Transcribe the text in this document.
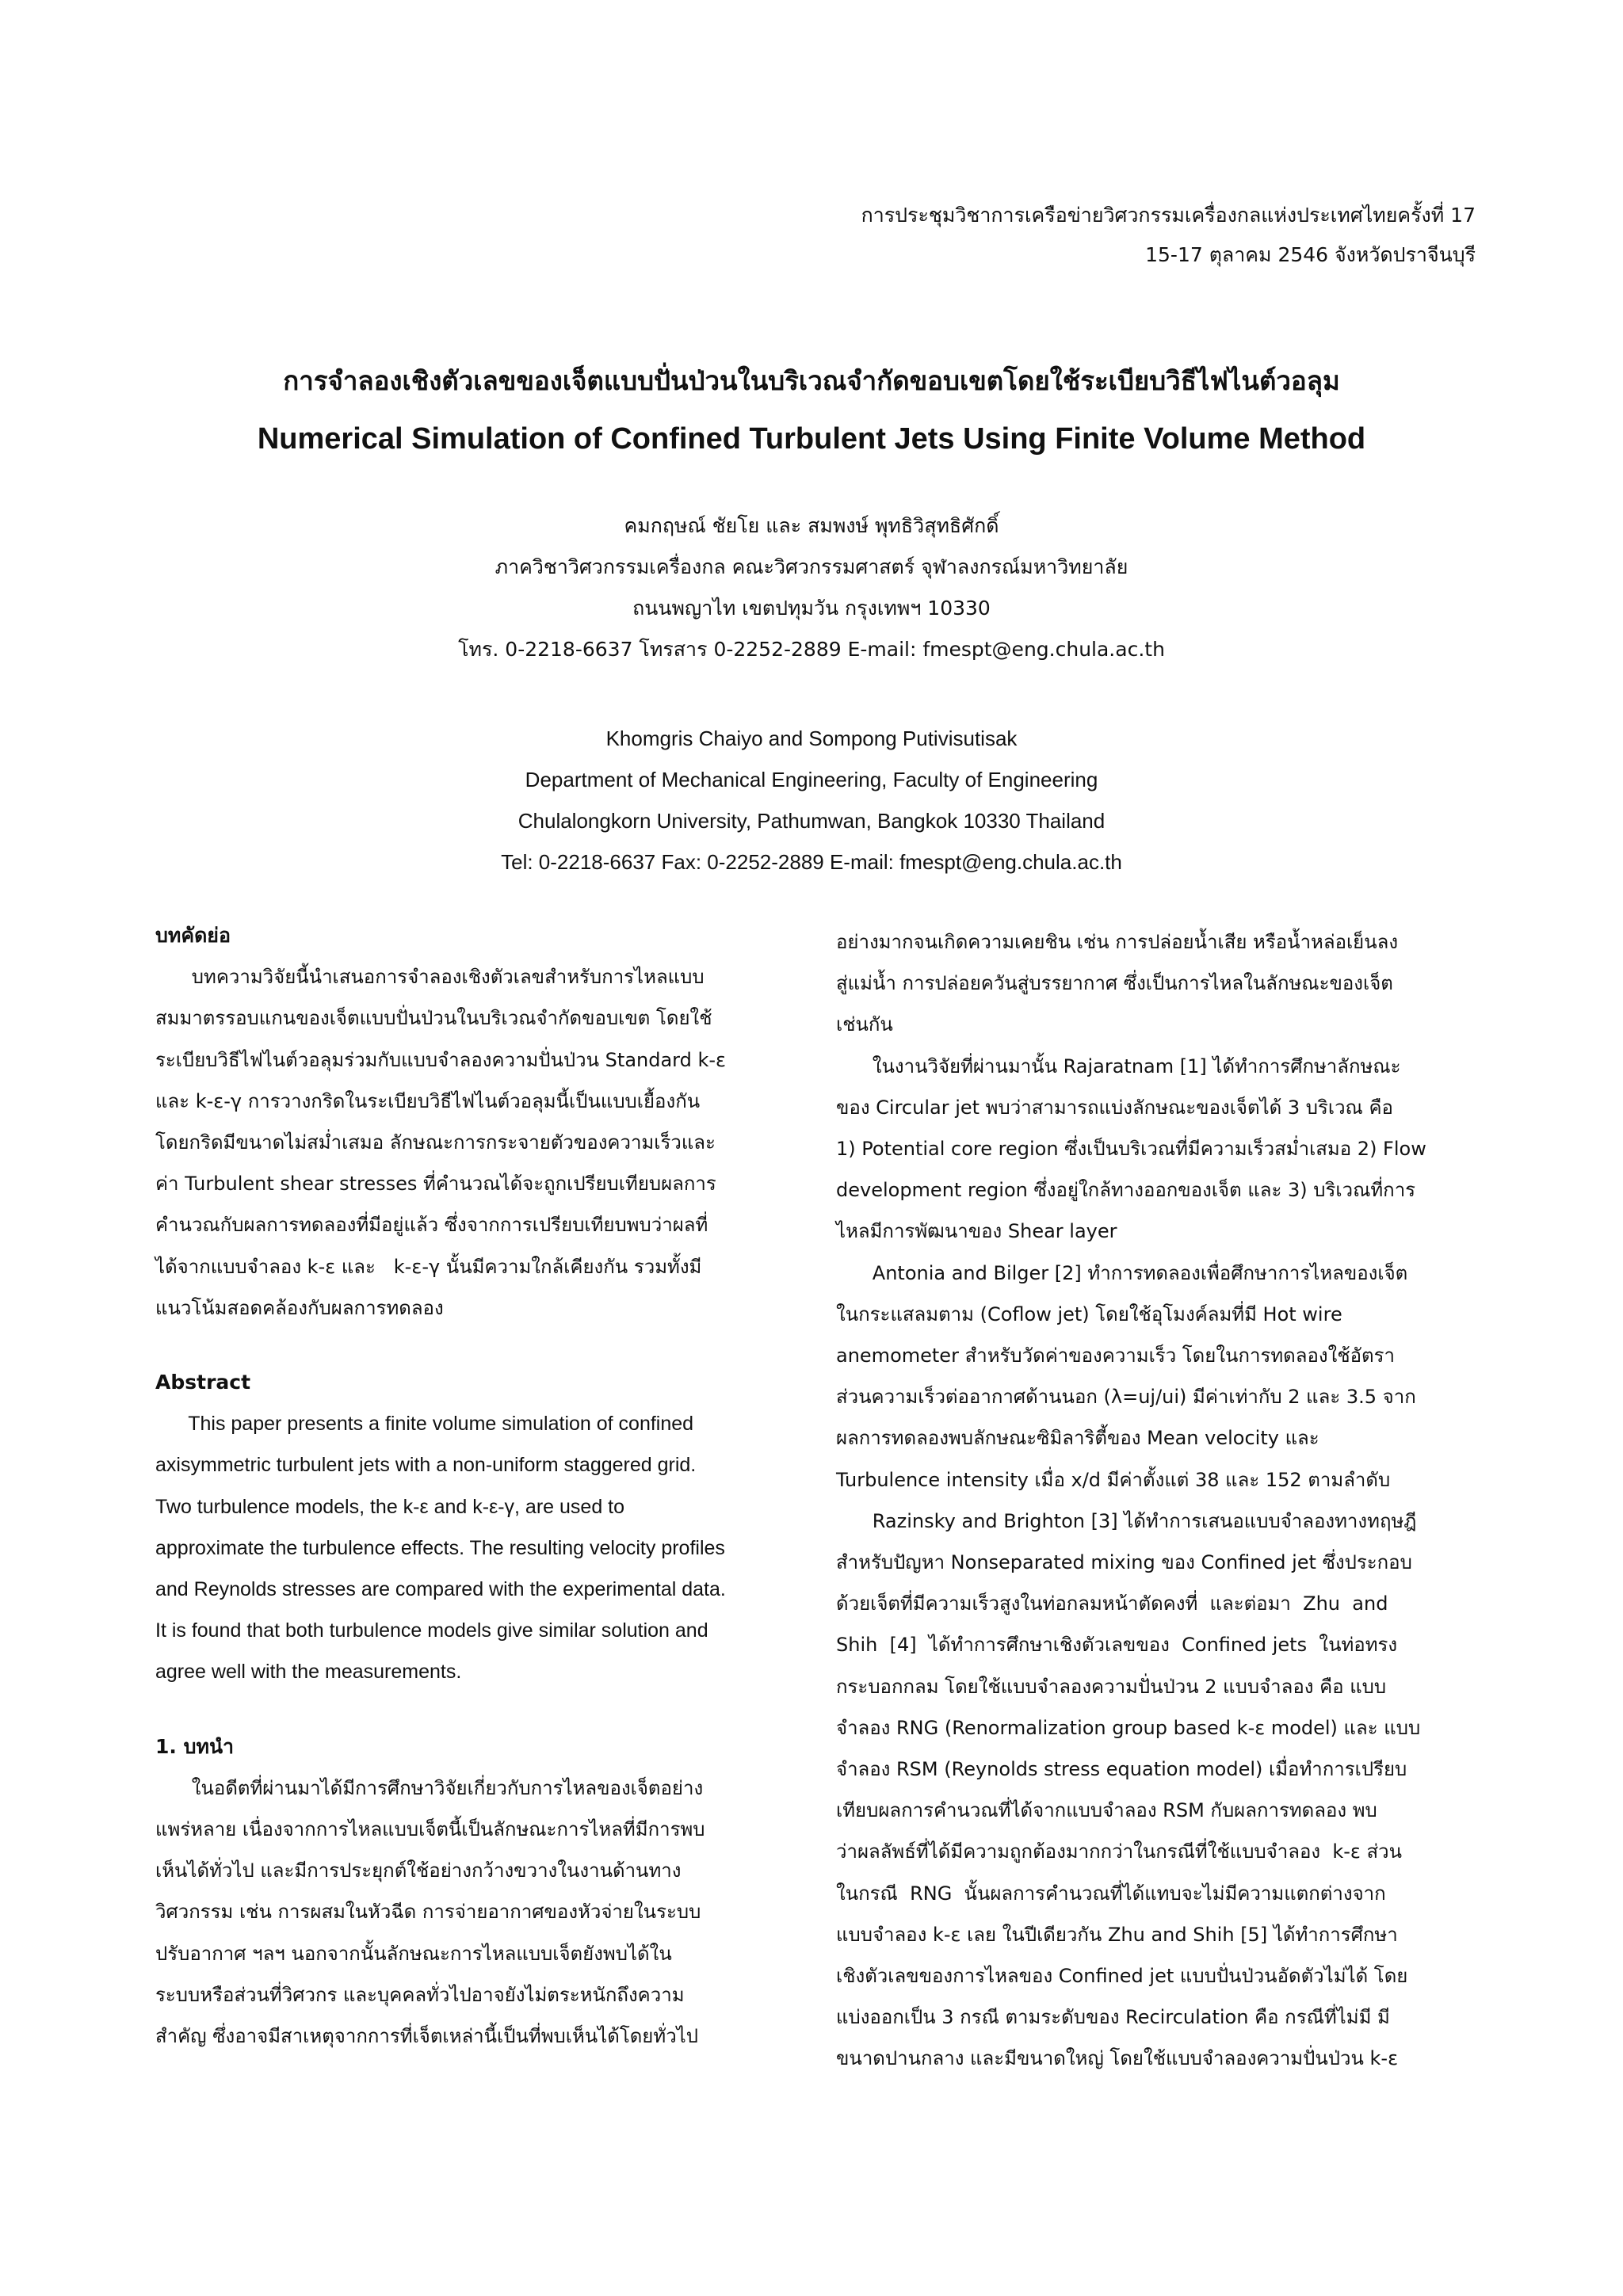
การประชุมวิชาการเครือข่ายวิศวกรรมเครื่องกลแห่งประเทศไทยครั้งที่ 17
15-17 ตุลาคม 2546 จังหวัดปราจีนบุรี
การจำลองเชิงตัวเลขของเจ็ตแบบปั่นป่วนในบริเวณจำกัดขอบเขตโดยใช้ระเบียบวิธีไฟไนต์วอลุม
Numerical Simulation of Confined Turbulent Jets Using Finite Volume Method
คมกฤษณ์ ชัยโย และ สมพงษ์ พุทธิวิสุทธิศักดิ์
ภาควิชาวิศวกรรมเครื่องกล คณะวิศวกรรมศาสตร์ จุฬาลงกรณ์มหาวิทยาลัย
ถนนพญาไท เขตปทุมวัน กรุงเทพฯ 10330
โทร. 0-2218-6637 โทรสาร 0-2252-2889 E-mail: fmespt@eng.chula.ac.th
Khomgris Chaiyo and Sompong Putivisutisak
Department of Mechanical Engineering, Faculty of Engineering
Chulalongkorn University, Pathumwan, Bangkok 10330 Thailand
Tel: 0-2218-6637 Fax: 0-2252-2889 E-mail: fmespt@eng.chula.ac.th
บทคัดย่อ
บทความวิจัยนี้นำเสนอการจำลองเชิงตัวเลขสำหรับการไหลแบบ
สมมาตรรอบแกนของเจ็ตแบบปั่นป่วนในบริเวณจำกัดขอบเขต โดยใช้
ระเบียบวิธีไฟไนต์วอลุมร่วมกับแบบจำลองความปั่นป่วน Standard k-ε
และ k-ε-γ การวางกริดในระเบียบวิธีไฟไนต์วอลุมนี้เป็นแบบเยื้องกัน
โดยกริดมีขนาดไม่สม่ำเสมอ ลักษณะการกระจายตัวของความเร็วและ
ค่า Turbulent shear stresses ที่คำนวณได้จะถูกเปรียบเทียบผลการ
คำนวณกับผลการทดลองที่มีอยู่แล้ว ซึ่งจากการเปรียบเทียบพบว่าผลที่
ได้จากแบบจำลอง k-ε และ   k-ε-γ นั้นมีความใกล้เคียงกัน รวมทั้งมี
แนวโน้มสอดคล้องกับผลการทดลอง
Abstract
This paper presents a finite volume simulation of confined
axisymmetric turbulent jets with a non-uniform staggered grid.
Two turbulence models, the k-ε and k-ε-γ, are used to
approximate the turbulence effects. The resulting velocity profiles
and Reynolds stresses are compared with the experimental data.
It is found that both turbulence models give similar solution and
agree well with the measurements.
1. บทนำ
ในอดีตที่ผ่านมาได้มีการศึกษาวิจัยเกี่ยวกับการไหลของเจ็ตอย่าง
แพร่หลาย เนื่องจากการไหลแบบเจ็ตนี้เป็นลักษณะการไหลที่มีการพบ
เห็นได้ทั่วไป และมีการประยุกต์ใช้อย่างกว้างขวางในงานด้านทาง
วิศวกรรม เช่น การผสมในหัวฉีด การจ่ายอากาศของหัวจ่ายในระบบ
ปรับอากาศ ฯลฯ นอกจากนั้นลักษณะการไหลแบบเจ็ตยังพบได้ใน
ระบบหรือส่วนที่วิศวกร และบุคคลทั่วไปอาจยังไม่ตระหนักถึงความ
สำคัญ ซึ่งอาจมีสาเหตุจากการที่เจ็ตเหล่านี้เป็นที่พบเห็นได้โดยทั่วไป
อย่างมากจนเกิดความเคยชิน เช่น การปล่อยน้ำเสีย หรือน้ำหล่อเย็นลง
สู่แม่น้ำ การปล่อยควันสู่บรรยากาศ ซึ่งเป็นการไหลในลักษณะของเจ็ต
เช่นกัน
ในงานวิจัยที่ผ่านมานั้น Rajaratnam [1] ได้ทำการศึกษาลักษณะ
ของ Circular jet พบว่าสามารถแบ่งลักษณะของเจ็ตได้ 3 บริเวณ คือ
1) Potential core region ซึ่งเป็นบริเวณที่มีความเร็วสม่ำเสมอ 2) Flow
development region ซึ่งอยู่ใกล้ทางออกของเจ็ต และ 3) บริเวณที่การ
ไหลมีการพัฒนาของ Shear layer
Antonia and Bilger [2] ทำการทดลองเพื่อศึกษาการไหลของเจ็ต
ในกระแสลมตาม (Coflow jet) โดยใช้อุโมงค์ลมที่มี Hot wire
anemometer สำหรับวัดค่าของความเร็ว โดยในการทดลองใช้อัตรา
ส่วนความเร็วต่ออากาศด้านนอก (λ=uj/ui) มีค่าเท่ากับ 2 และ 3.5 จาก
ผลการทดลองพบลักษณะซิมิลาริตี้ของ Mean velocity และ
Turbulence intensity เมื่อ x/d มีค่าตั้งแต่ 38 และ 152 ตามลำดับ
Razinsky and Brighton [3] ได้ทำการเสนอแบบจำลองทางทฤษฎี
สำหรับปัญหา Nonseparated mixing ของ Confined jet ซึ่งประกอบ
ด้วยเจ็ตที่มีความเร็วสูงในท่อกลมหน้าตัดคงที่  และต่อมา  Zhu  and
Shih  [4]  ได้ทำการศึกษาเชิงตัวเลขของ  Confined jets  ในท่อทรง
กระบอกกลม โดยใช้แบบจำลองความปั่นป่วน 2 แบบจำลอง คือ แบบ
จำลอง RNG (Renormalization group based k-ε model) และ แบบ
จำลอง RSM (Reynolds stress equation model) เมื่อทำการเปรียบ
เทียบผลการคำนวณที่ได้จากแบบจำลอง RSM กับผลการทดลอง พบ
ว่าผลลัพธ์ที่ได้มีความถูกต้องมากกว่าในกรณีที่ใช้แบบจำลอง  k-ε ส่วน
ในกรณี  RNG  นั้นผลการคำนวณที่ได้แทบจะไม่มีความแตกต่างจาก
แบบจำลอง k-ε เลย ในปีเดียวกัน Zhu and Shih [5] ได้ทำการศึกษา
เชิงตัวเลขของการไหลของ Confined jet แบบปั่นป่วนอัดตัวไม่ได้ โดย
แบ่งออกเป็น 3 กรณี ตามระดับของ Recirculation คือ กรณีที่ไม่มี มี
ขนาดปานกลาง และมีขนาดใหญ่ โดยใช้แบบจำลองความปั่นป่วน k-ε
